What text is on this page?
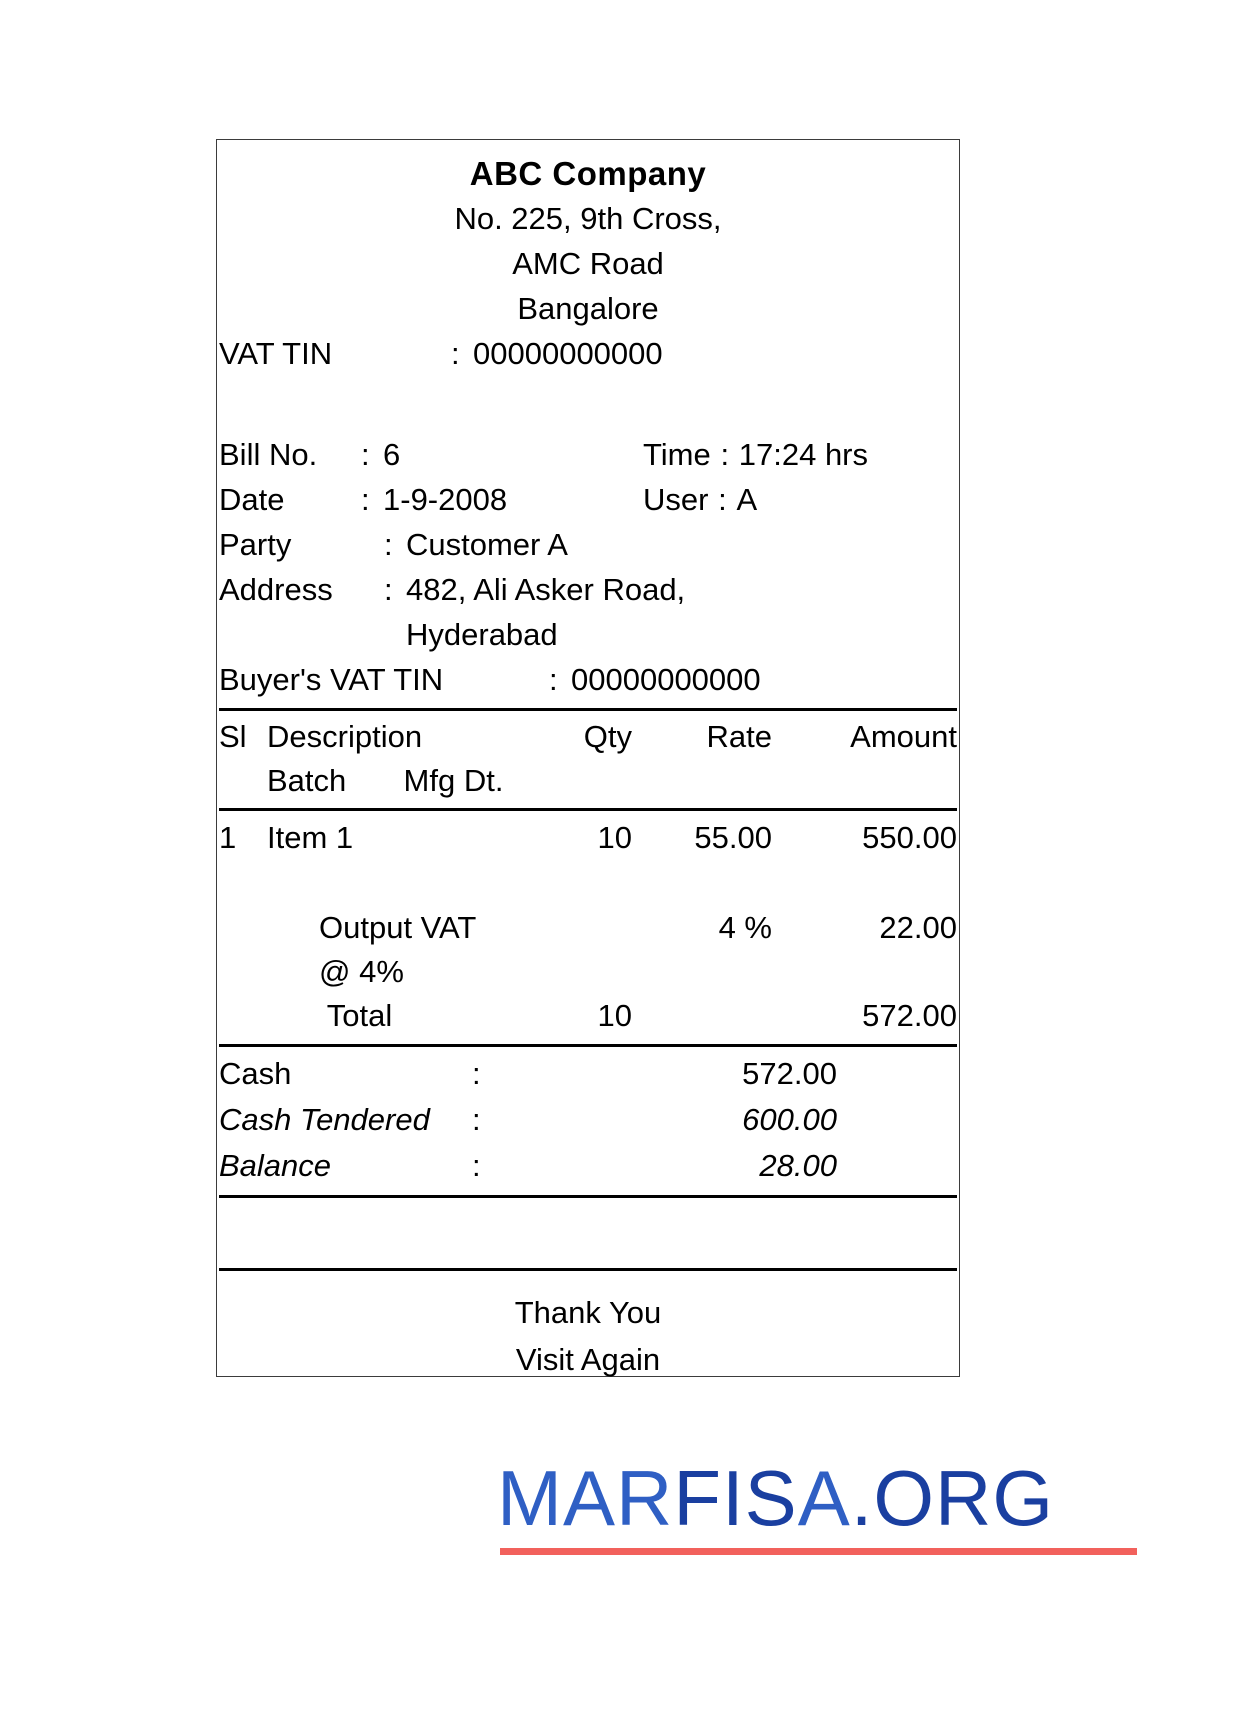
ABC Company
No. 225, 9th Cross,
AMC Road
Bangalore
VAT TIN	: 00000000000
Bill No.	: 6	Time : 17:24 hrs
Date	: 1-9-2008	User : A
Party	: Customer A
Address	: 482, Ali Asker Road,
Hyderabad
Buyer's VAT TIN	: 00000000000
Sl	Description	Qty	Rate	Amount
	Batch Mfg Dt.			
1	Item 1	10	55.00	550.00

	Output VAT @ 4%		4 %	22.00
	Total	10		572.00
Cash	:	572.00
Cash Tendered	:	600.00
Balance	:	28.00
Thank You
Visit Again
MARFISA.ORG
